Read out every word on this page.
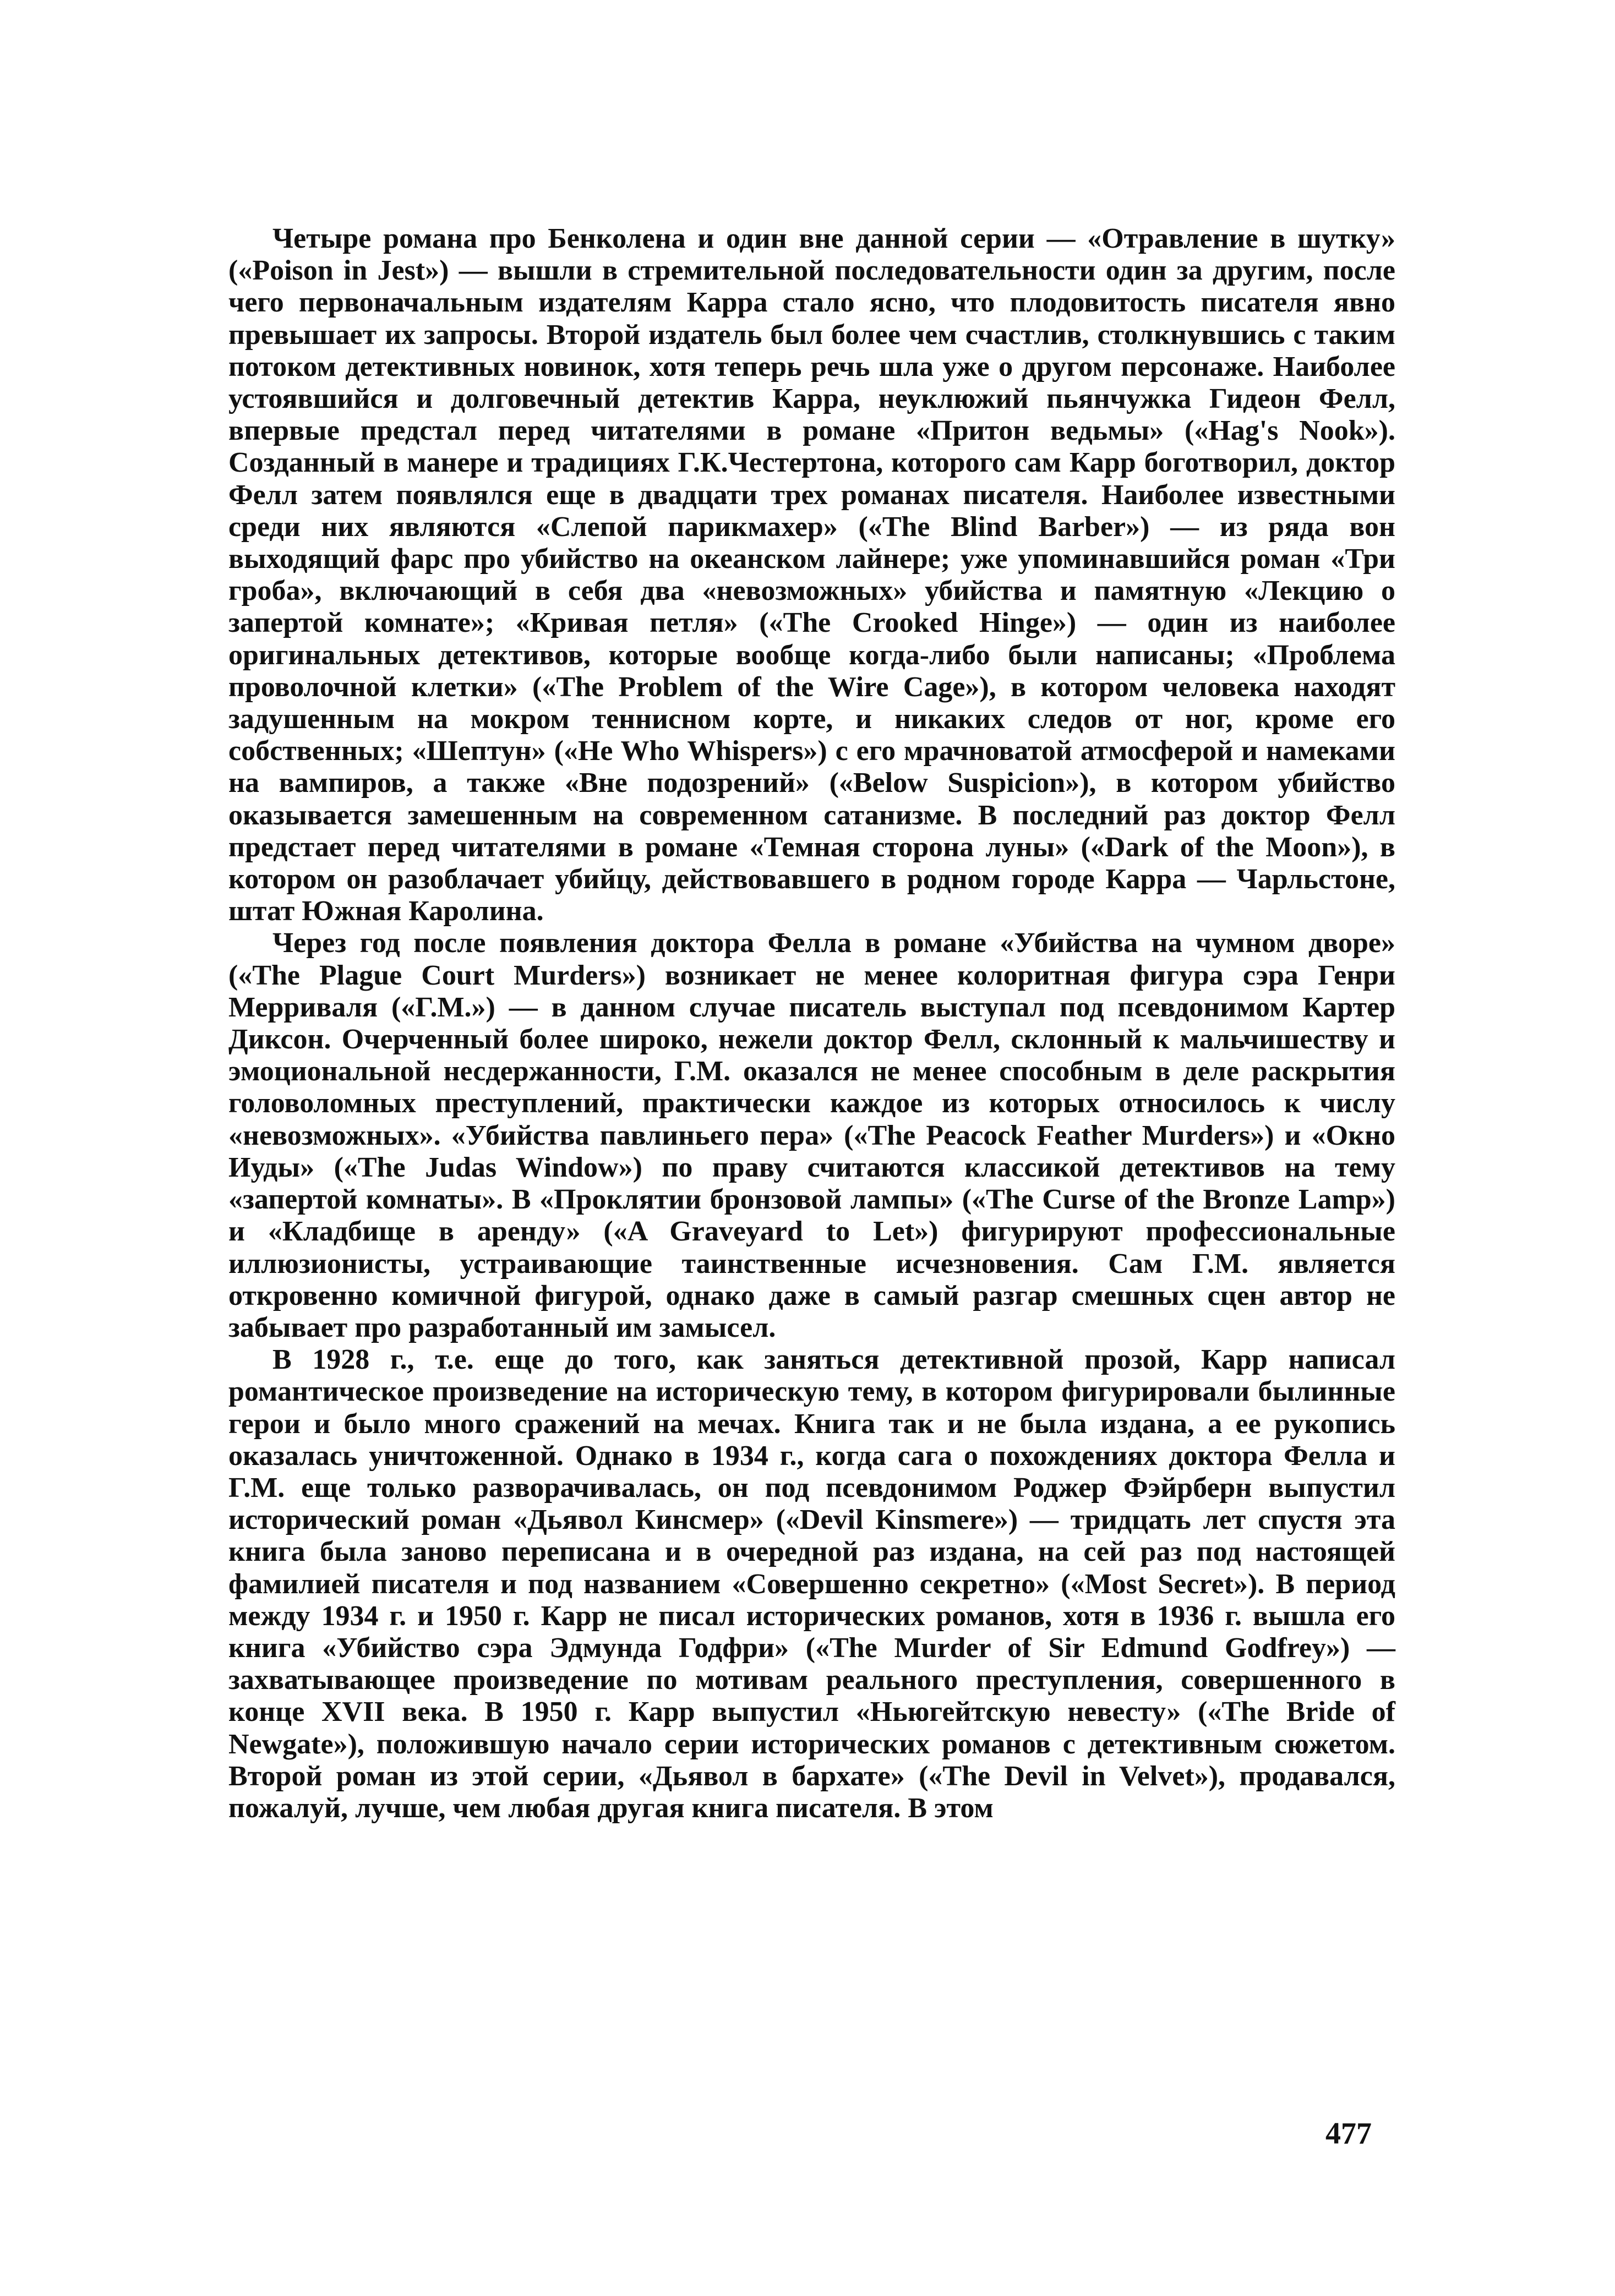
Четыре романа про Бенколена и один вне данной серии — «Отравление в шутку» («Poison in Jest») — вышли в стремительной последовательности один за другим, после чего первоначальным издателям Карра стало ясно, что плодовитость писателя явно превышает их запросы. Второй издатель был более чем счастлив, столкнувшись с таким потоком детективных новинок, хотя теперь речь шла уже о другом персонаже. Наиболее устоявшийся и долговечный детектив Карра, неуклюжий пьянчужка Гидеон Фелл, впервые предстал перед читателями в романе «Притон ведьмы» («Hag's Nook»). Созданный в манере и традициях Г.К.Честертона, которого сам Карр боготворил, доктор Фелл затем появлялся еще в двадцати трех романах писателя. Наиболее известными среди них являются «Слепой парикмахер» («The Blind Barber») — из ряда вон выходящий фарс про убийство на океанском лайнере; уже упоминавшийся роман «Три гроба», включающий в себя два «невозможных» убийства и памятную «Лекцию о запертой комнате»; «Кривая петля» («The Crooked Hinge») — один из наиболее оригинальных детективов, которые вообще когда-либо были написаны; «Проблема проволочной клетки» («The Problem of the Wire Cage»), в котором человека находят задушенным на мокром теннисном корте, и никаких следов от ног, кроме его собственных; «Шептун» («He Who Whispers») с его мрачноватой атмосферой и намеками на вампиров, а также «Вне подозрений» («Below Suspicion»), в котором убийство оказывается замешенным на современном сатанизме. В последний раз доктор Фелл предстает перед читателями в романе «Темная сторона луны» («Dark of the Moon»), в котором он разоблачает убийцу, действовавшего в родном городе Карра — Чарльстоне, штат Южная Каролина.

Через год после появления доктора Фелла в романе «Убийства на чумном дворе» («The Plague Court Murders») возникает не менее колоритная фигура сэра Генри Мерриваля («Г.М.») — в данном случае писатель выступал под псевдонимом Картер Диксон. Очерченный более широко, нежели доктор Фелл, склонный к мальчишеству и эмоциональной несдержанности, Г.М. оказался не менее способным в деле раскрытия головоломных преступлений, практически каждое из которых относилось к числу «невозможных». «Убийства павлиньего пера» («The Peacock Feather Murders») и «Окно Иуды» («The Judas Window») по праву считаются классикой детективов на тему «запертой комнаты». В «Проклятии бронзовой лампы» («The Curse of the Bronze Lamp») и «Кладбище в аренду» («A Graveyard to Let») фигурируют профессиональные иллюзионисты, устраивающие таинственные исчезновения. Сам Г.М. является откровенно комичной фигурой, однако даже в самый разгар смешных сцен автор не забывает про разработанный им замысел.

В 1928 г., т.е. еще до того, как заняться детективной прозой, Карр написал романтическое произведение на историческую тему, в котором фигурировали былинные герои и было много сражений на мечах. Книга так и не была издана, а ее рукопись оказалась уничтоженной. Однако в 1934 г., когда сага о похождениях доктора Фелла и Г.М. еще только разворачивалась, он под псевдонимом Роджер Фэйрберн выпустил исторический роман «Дьявол Кинсмер» («Devil Kinsmere») — тридцать лет спустя эта книга была заново переписана и в очередной раз издана, на сей раз под настоящей фамилией писателя и под названием «Совершенно секретно» («Most Secret»). В период между 1934 г. и 1950 г. Карр не писал исторических романов, хотя в 1936 г. вышла его книга «Убийство сэра Эдмунда Годфри» («The Murder of Sir Edmund Godfrey») — захватывающее произведение по мотивам реального преступления, совершенного в конце XVII века. В 1950 г. Карр выпустил «Ньюгейтскую невесту» («The Bride of Newgate»), положившую начало серии исторических романов с детективным сюжетом. Второй роман из этой серии, «Дьявол в бархате» («The Devil in Velvet»), продавался, пожалуй, лучше, чем любая другая книга писателя. В этом

477
